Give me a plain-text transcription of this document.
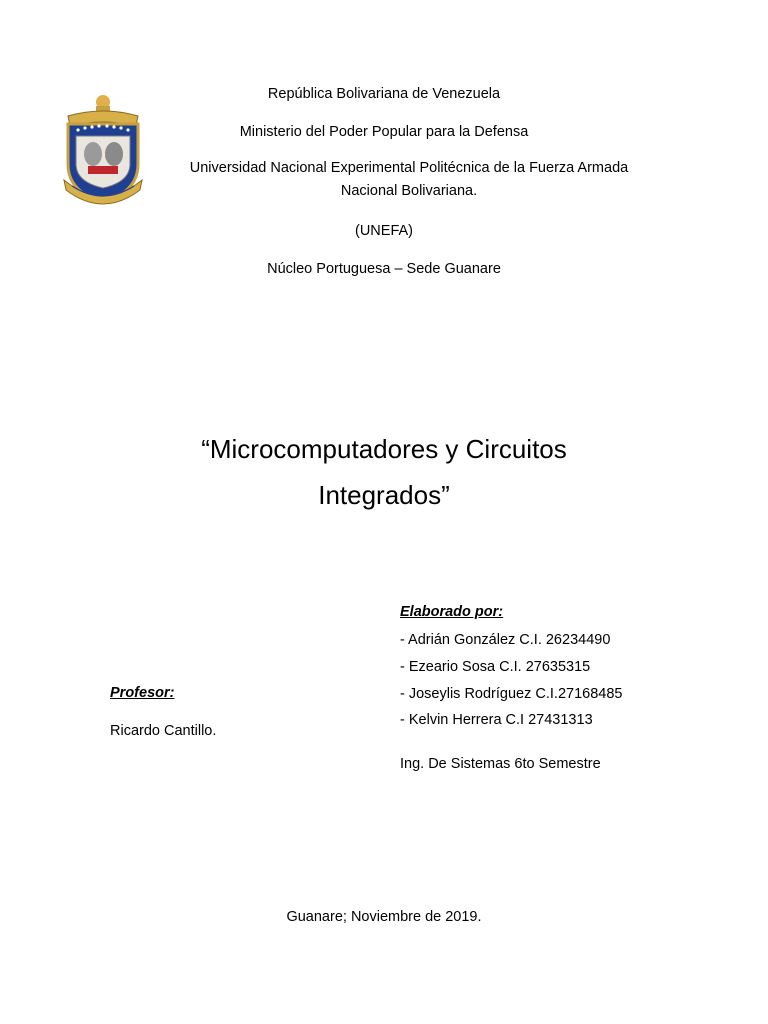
República Bolivariana de Venezuela
Ministerio del Poder Popular para la Defensa
Universidad Nacional Experimental Politécnica de la Fuerza Armada Nacional Bolivariana.
(UNEFA)
Núcleo Portuguesa – Sede Guanare
“Microcomputadores y Circuitos Integrados”
Elaborado por:
- Adrián González C.I. 26234490
- Ezeario Sosa C.I. 27635315
- Joseylis Rodríguez C.I.27168485
- Kelvin Herrera C.I 27431313
Ing. De Sistemas 6to Semestre
Profesor:
Ricardo Cantillo.
Guanare; Noviembre de 2019.
